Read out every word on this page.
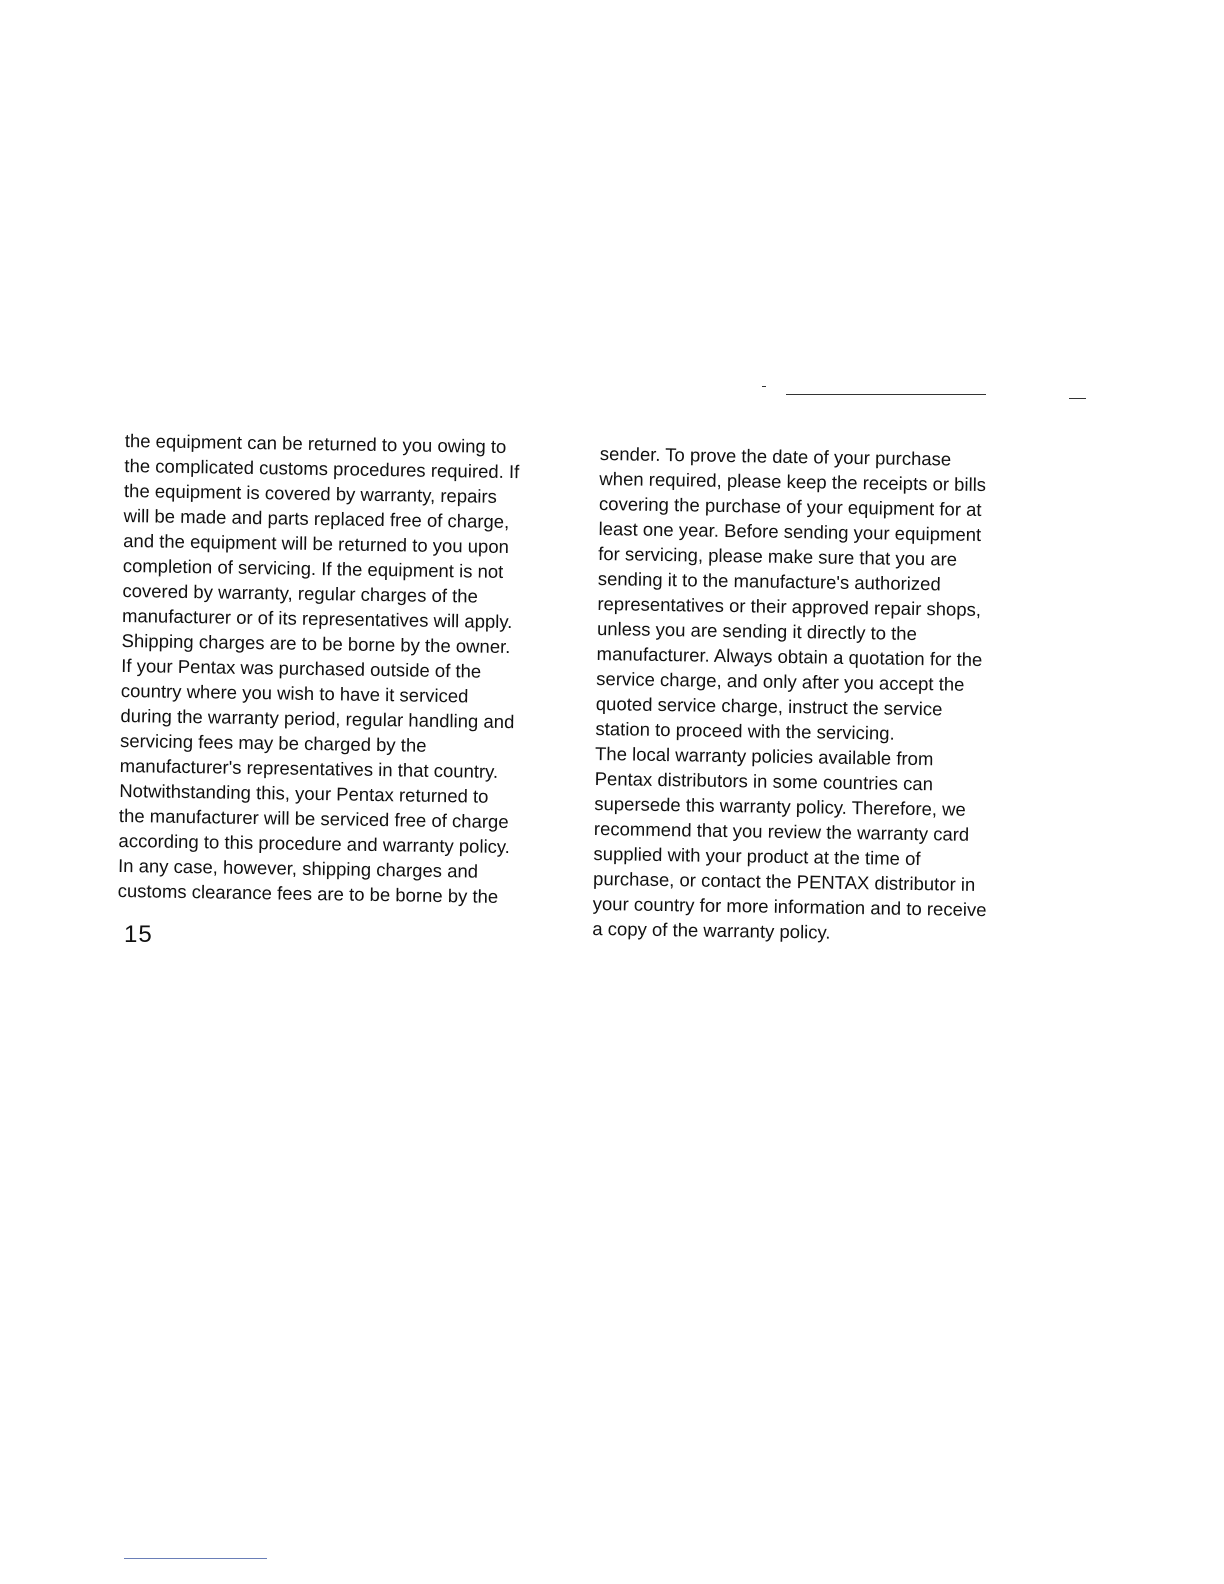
the equipment can be returned to you owing to
the complicated customs procedures required. If
the equipment is covered by warranty, repairs
will be made and parts replaced free of charge,
and the equipment will be returned to you upon
completion of servicing. If the equipment is not
covered by warranty, regular charges of the
manufacturer or of its representatives will apply.
Shipping charges are to be borne by the owner.
If your Pentax was purchased outside of the
country where you wish to have it serviced
during the warranty period, regular handling and
servicing fees may be charged by the
manufacturer's representatives in that country.
Notwithstanding this, your Pentax returned to
the manufacturer will be serviced free of charge
according to this procedure and warranty policy.
In any case, however, shipping charges and
customs clearance fees are to be borne by the
sender. To prove the date of your purchase
when required, please keep the receipts or bills
covering the purchase of your equipment for at
least one year. Before sending your equipment
for servicing, please make sure that you are
sending it to the manufacture's authorized
representatives or their approved repair shops,
unless you are sending it directly to the
manufacturer. Always obtain a quotation for the
service charge, and only after you accept the
quoted service charge, instruct the service
station to proceed with the servicing.
The local warranty policies available from
Pentax distributors in some countries can
supersede this warranty policy. Therefore, we
recommend that you review the warranty card
supplied with your product at the time of
purchase, or contact the PENTAX distributor in
your country for more information and to receive
a copy of the warranty policy.
15
